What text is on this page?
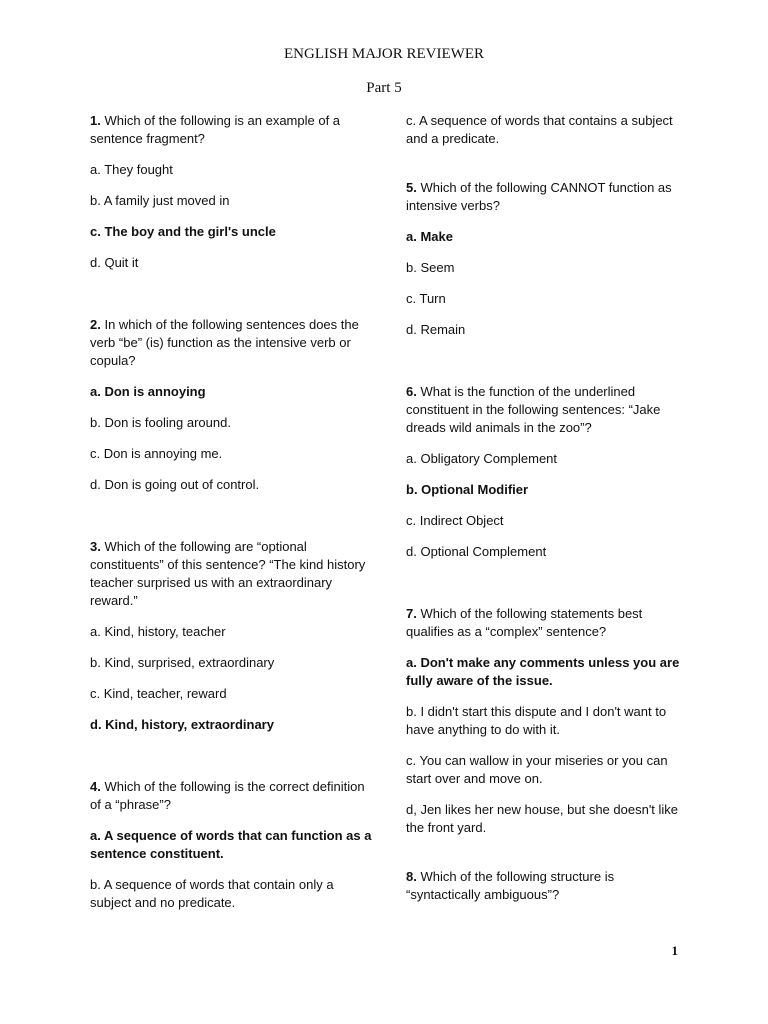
ENGLISH MAJOR REVIEWER
Part 5
1. Which of the following is an example of a sentence fragment?
a. They fought
b. A family just moved in
c. The boy and the girl's uncle
d. Quit it
2. In which of the following sentences does the verb “be” (is) function as the intensive verb or copula?
a. Don is annoying
b. Don is fooling around.
c. Don is annoying me.
d. Don is going out of control.
3. Which of the following are “optional constituents” of this sentence? “The kind history teacher surprised us with an extraordinary reward.”
a. Kind, history, teacher
b. Kind, surprised, extraordinary
c. Kind, teacher, reward
d. Kind, history, extraordinary
4. Which of the following is the correct definition of a “phrase”?
a. A sequence of words that can function as a sentence constituent.
b. A sequence of words that contain only a subject and no predicate.
c. A sequence of words that contains a subject and a predicate.
5. Which of the following CANNOT function as intensive verbs?
a. Make
b. Seem
c. Turn
d. Remain
6. What is the function of the underlined constituent in the following sentences: “Jake dreads wild animals in the zoo”?
a. Obligatory Complement
b. Optional Modifier
c. Indirect Object
d. Optional Complement
7. Which of the following statements best qualifies as a “complex” sentence?
a. Don't make any comments unless you are fully aware of the issue.
b. I didn't start this dispute and I don't want to have anything to do with it.
c. You can wallow in your miseries or you can start over and move on.
d, Jen likes her new house, but she doesn't like the front yard.
8. Which of the following structure is “syntactically ambiguous”?
1
